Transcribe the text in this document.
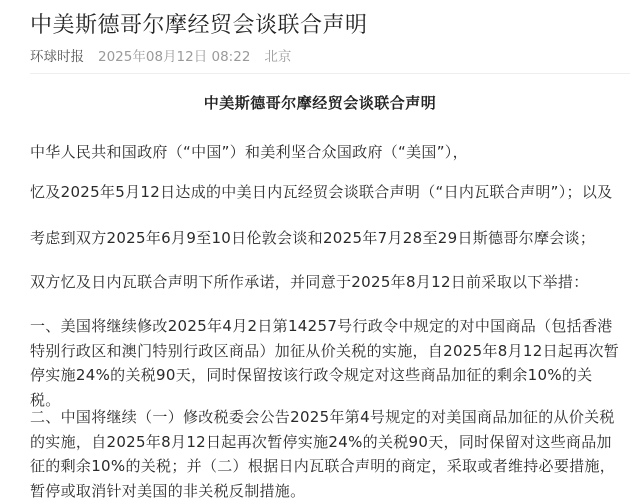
中美斯德哥尔摩经贸会谈联合声明
环球时报 2025年08月12日 08:22 北京
中美斯德哥尔摩经贸会谈联合声明
中华人民共和国政府（“中国”）和美利坚合众国政府（“美国”），
忆及2025年5月12日达成的中美日内瓦经贸会谈联合声明（“日内瓦联合声明”）；以及
考虑到双方2025年6月9至10日伦敦会谈和2025年7月28至29日斯德哥尔摩会谈；
双方忆及日内瓦联合声明下所作承诺，并同意于2025年8月12日前采取以下举措：
一、美国将继续修改2025年4月2日第14257号行政令中规定的对中国商品（包括香港特别行政区和澳门特别行政区商品）加征从价关税的实施，自2025年8月12日起再次暂停实施24%的关税90天，同时保留按该行政令规定对这些商品加征的剩余10%的关税。
二、中国将继续（一）修改税委会公告2025年第4号规定的对美国商品加征的从价关税的实施，自2025年8月12日起再次暂停实施24%的关税90天，同时保留对这些商品加征的剩余10%的关税；并（二）根据日内瓦联合声明的商定，采取或者维持必要措施，暂停或取消针对美国的非关税反制措施。
